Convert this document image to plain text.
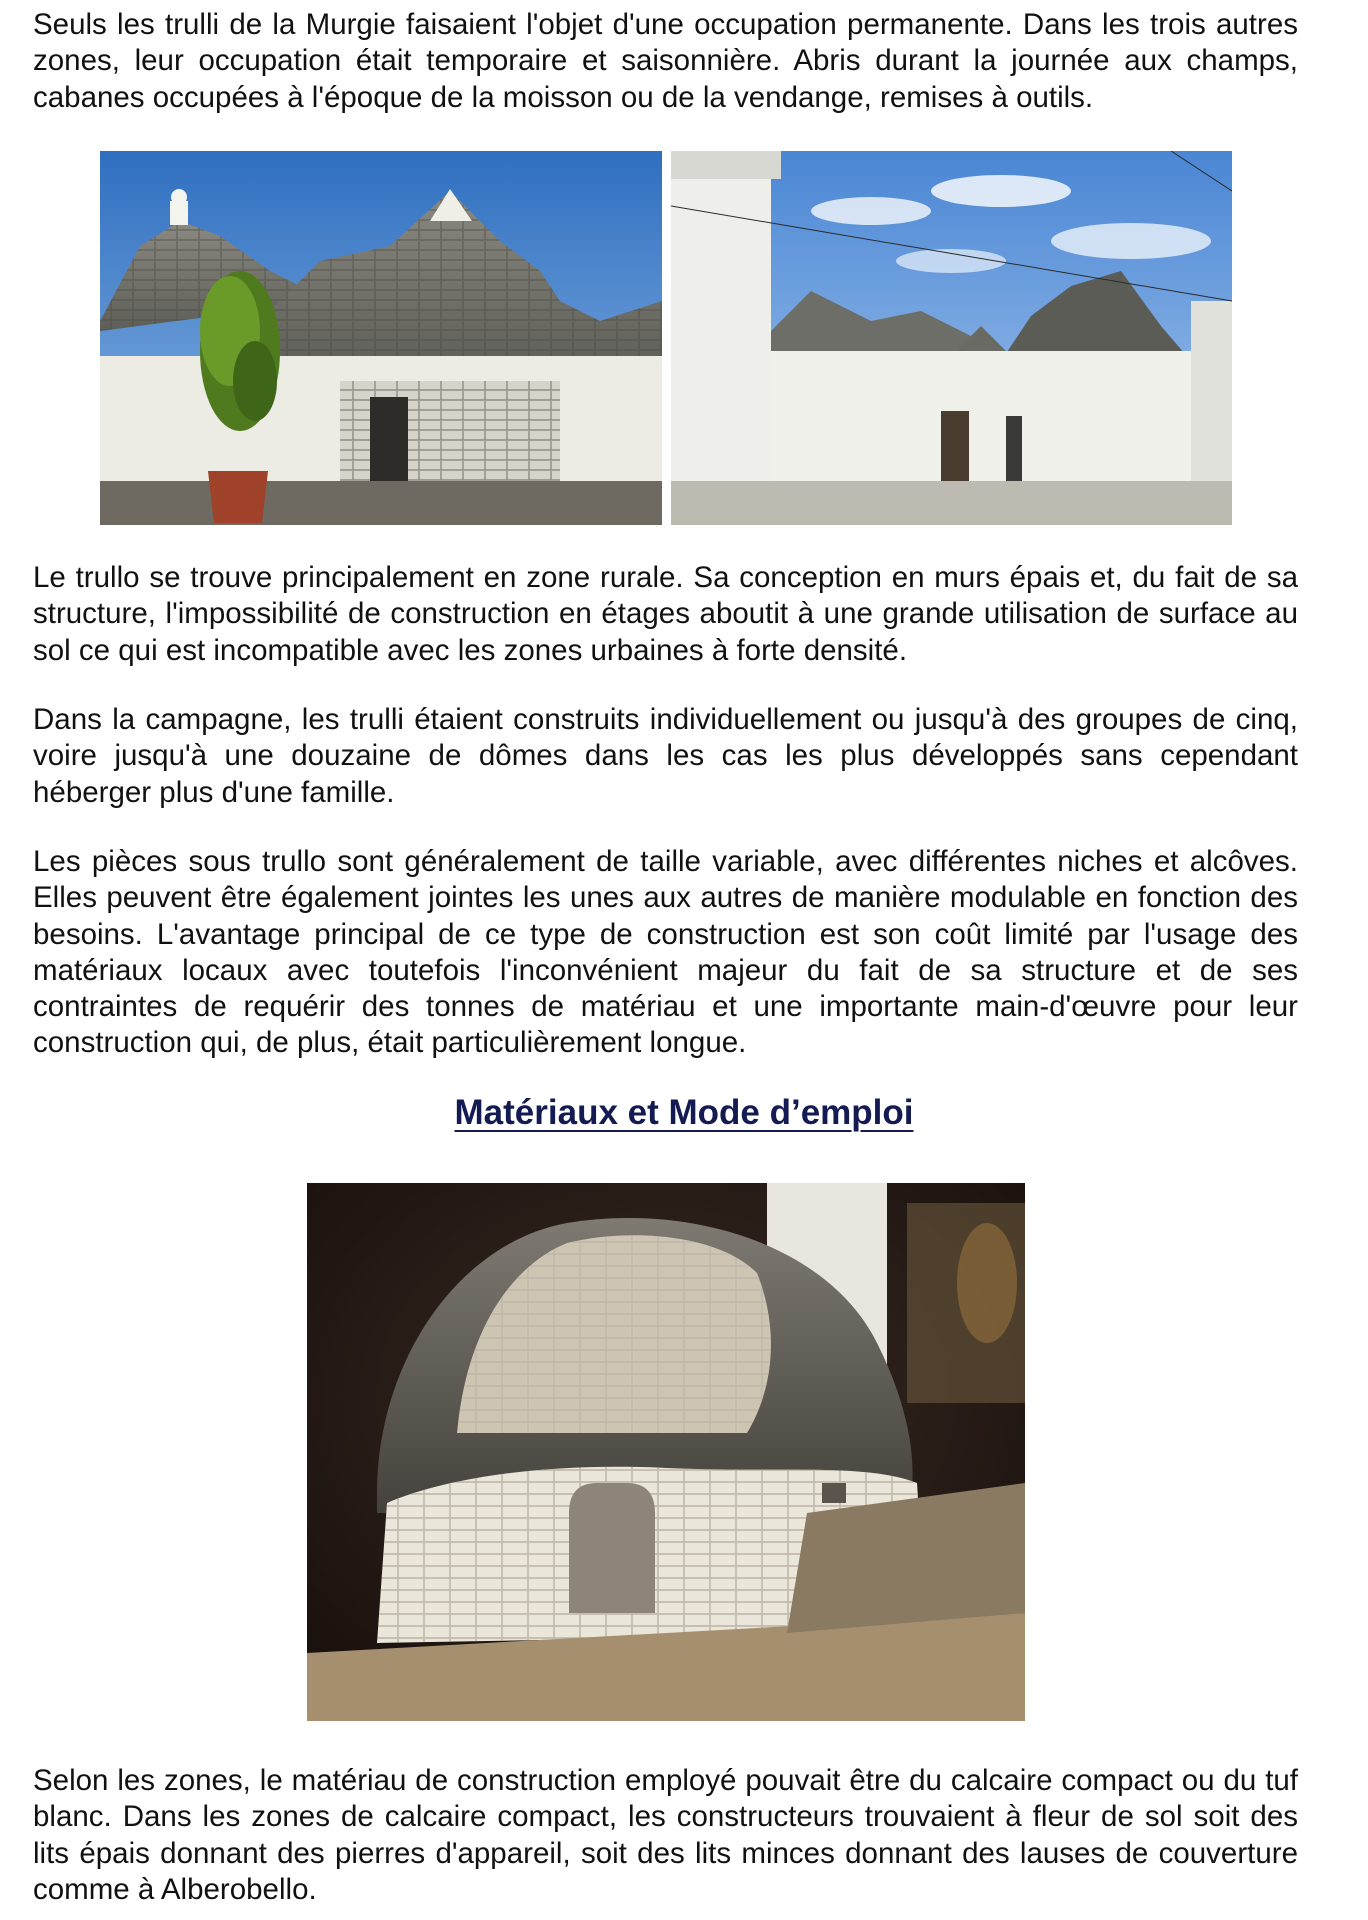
Seuls les trulli de la Murgie faisaient l'objet d'une occupation permanente. Dans les trois autres zones, leur occupation était temporaire et saisonnière. Abris durant la journée aux champs, cabanes occupées à l'époque de la moisson ou de la vendange, remises à outils.

Le trullo se trouve principalement en zone rurale. Sa conception en murs épais et, du fait de sa structure, l'impossibilité de construction en étages aboutit à une grande utilisation de surface au sol ce qui est incompatible avec les zones urbaines à forte densité.

Dans la campagne, les trulli étaient construits individuellement ou jusqu'à des groupes de cinq, voire jusqu'à une douzaine de dômes dans les cas les plus développés sans cependant héberger plus d'une famille.

Les pièces sous trullo sont généralement de taille variable, avec différentes niches et alcôves. Elles peuvent être également jointes les unes aux autres de manière modulable en fonction des besoins. L'avantage principal de ce type de construction est son coût limité par l'usage des matériaux locaux avec toutefois l'inconvénient majeur du fait de sa structure et de ses contraintes de requérir des tonnes de matériau et une importante main-d'œuvre pour leur construction qui, de plus, était particulièrement longue.

Matériaux et Mode d’emploi

Selon les zones, le matériau de construction employé pouvait être du calcaire compact ou du tuf blanc. Dans les zones de calcaire compact, les constructeurs trouvaient à fleur de sol soit des lits épais donnant des pierres d'appareil, soit des lits minces donnant des lauses de couverture comme à Alberobello.
